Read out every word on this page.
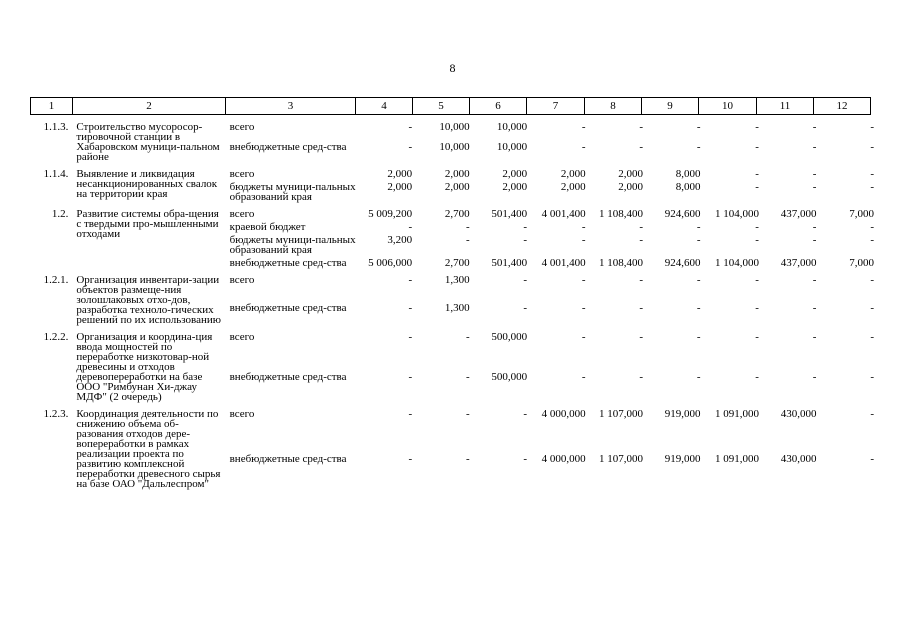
8
1	2	3	4	5	6	7	8	9	10	11	12
1.1.3.	Строительство мусоросор-тировочной станции в Хабаровском муници-пальном районе	всего	-	10,000	10,000	-	-	-	-	-	-
		внебюджетные сред-ства	-	10,000	10,000	-	-	-	-	-	-
1.1.4.	Выявление и ликвидация несанкционированных свалок на территории края	всего	2,000	2,000	2,000	2,000	2,000	8,000	-	-	-
		бюджеты муници-пальных образований края	2,000	2,000	2,000	2,000	2,000	8,000	-	-	-
1.2.	Развитие системы обра-щения с твердыми про-мышленными отходами	всего	5 009,200	2,700	501,400	4 001,400	1 108,400	924,600	1 104,000	437,000	7,000
		краевой бюджет	-	-	-	-	-	-	-	-	-
		бюджеты муници-пальных образований края	3,200	-	-	-	-	-	-	-	-
		внебюджетные сред-ства	5 006,000	2,700	501,400	4 001,400	1 108,400	924,600	1 104,000	437,000	7,000
1.2.1.	Организация инвентари-зации объектов размеще-ния золошлаковых отхо-дов, разработка техноло-гических решений по их использованию	всего	-	1,300	-	-	-	-	-	-	-
		внебюджетные сред-ства	-	1,300	-	-	-	-	-	-	-
1.2.2.	Организация и координа-ция ввода мощностей по переработке низкотовар-ной древесины и отходов деревопереработки на базе ООО "Римбунан Хи-джау МДФ" (2 очередь)	всего	-	-	500,000	-	-	-	-	-	-
		внебюджетные сред-ства	-	-	500,000	-	-	-	-	-	-
1.2.3.	Координация деятельности по снижению объема об-разования отходов дере-вопереработки в рамках реализации проекта по развитию комплексной переработки древесного сырья на базе ОАО "Дальлеспром"	всего	-	-	-	4 000,000	1 107,000	919,000	1 091,000	430,000	-
		внебюджетные сред-ства	-	-	-	4 000,000	1 107,000	919,000	1 091,000	430,000	-
